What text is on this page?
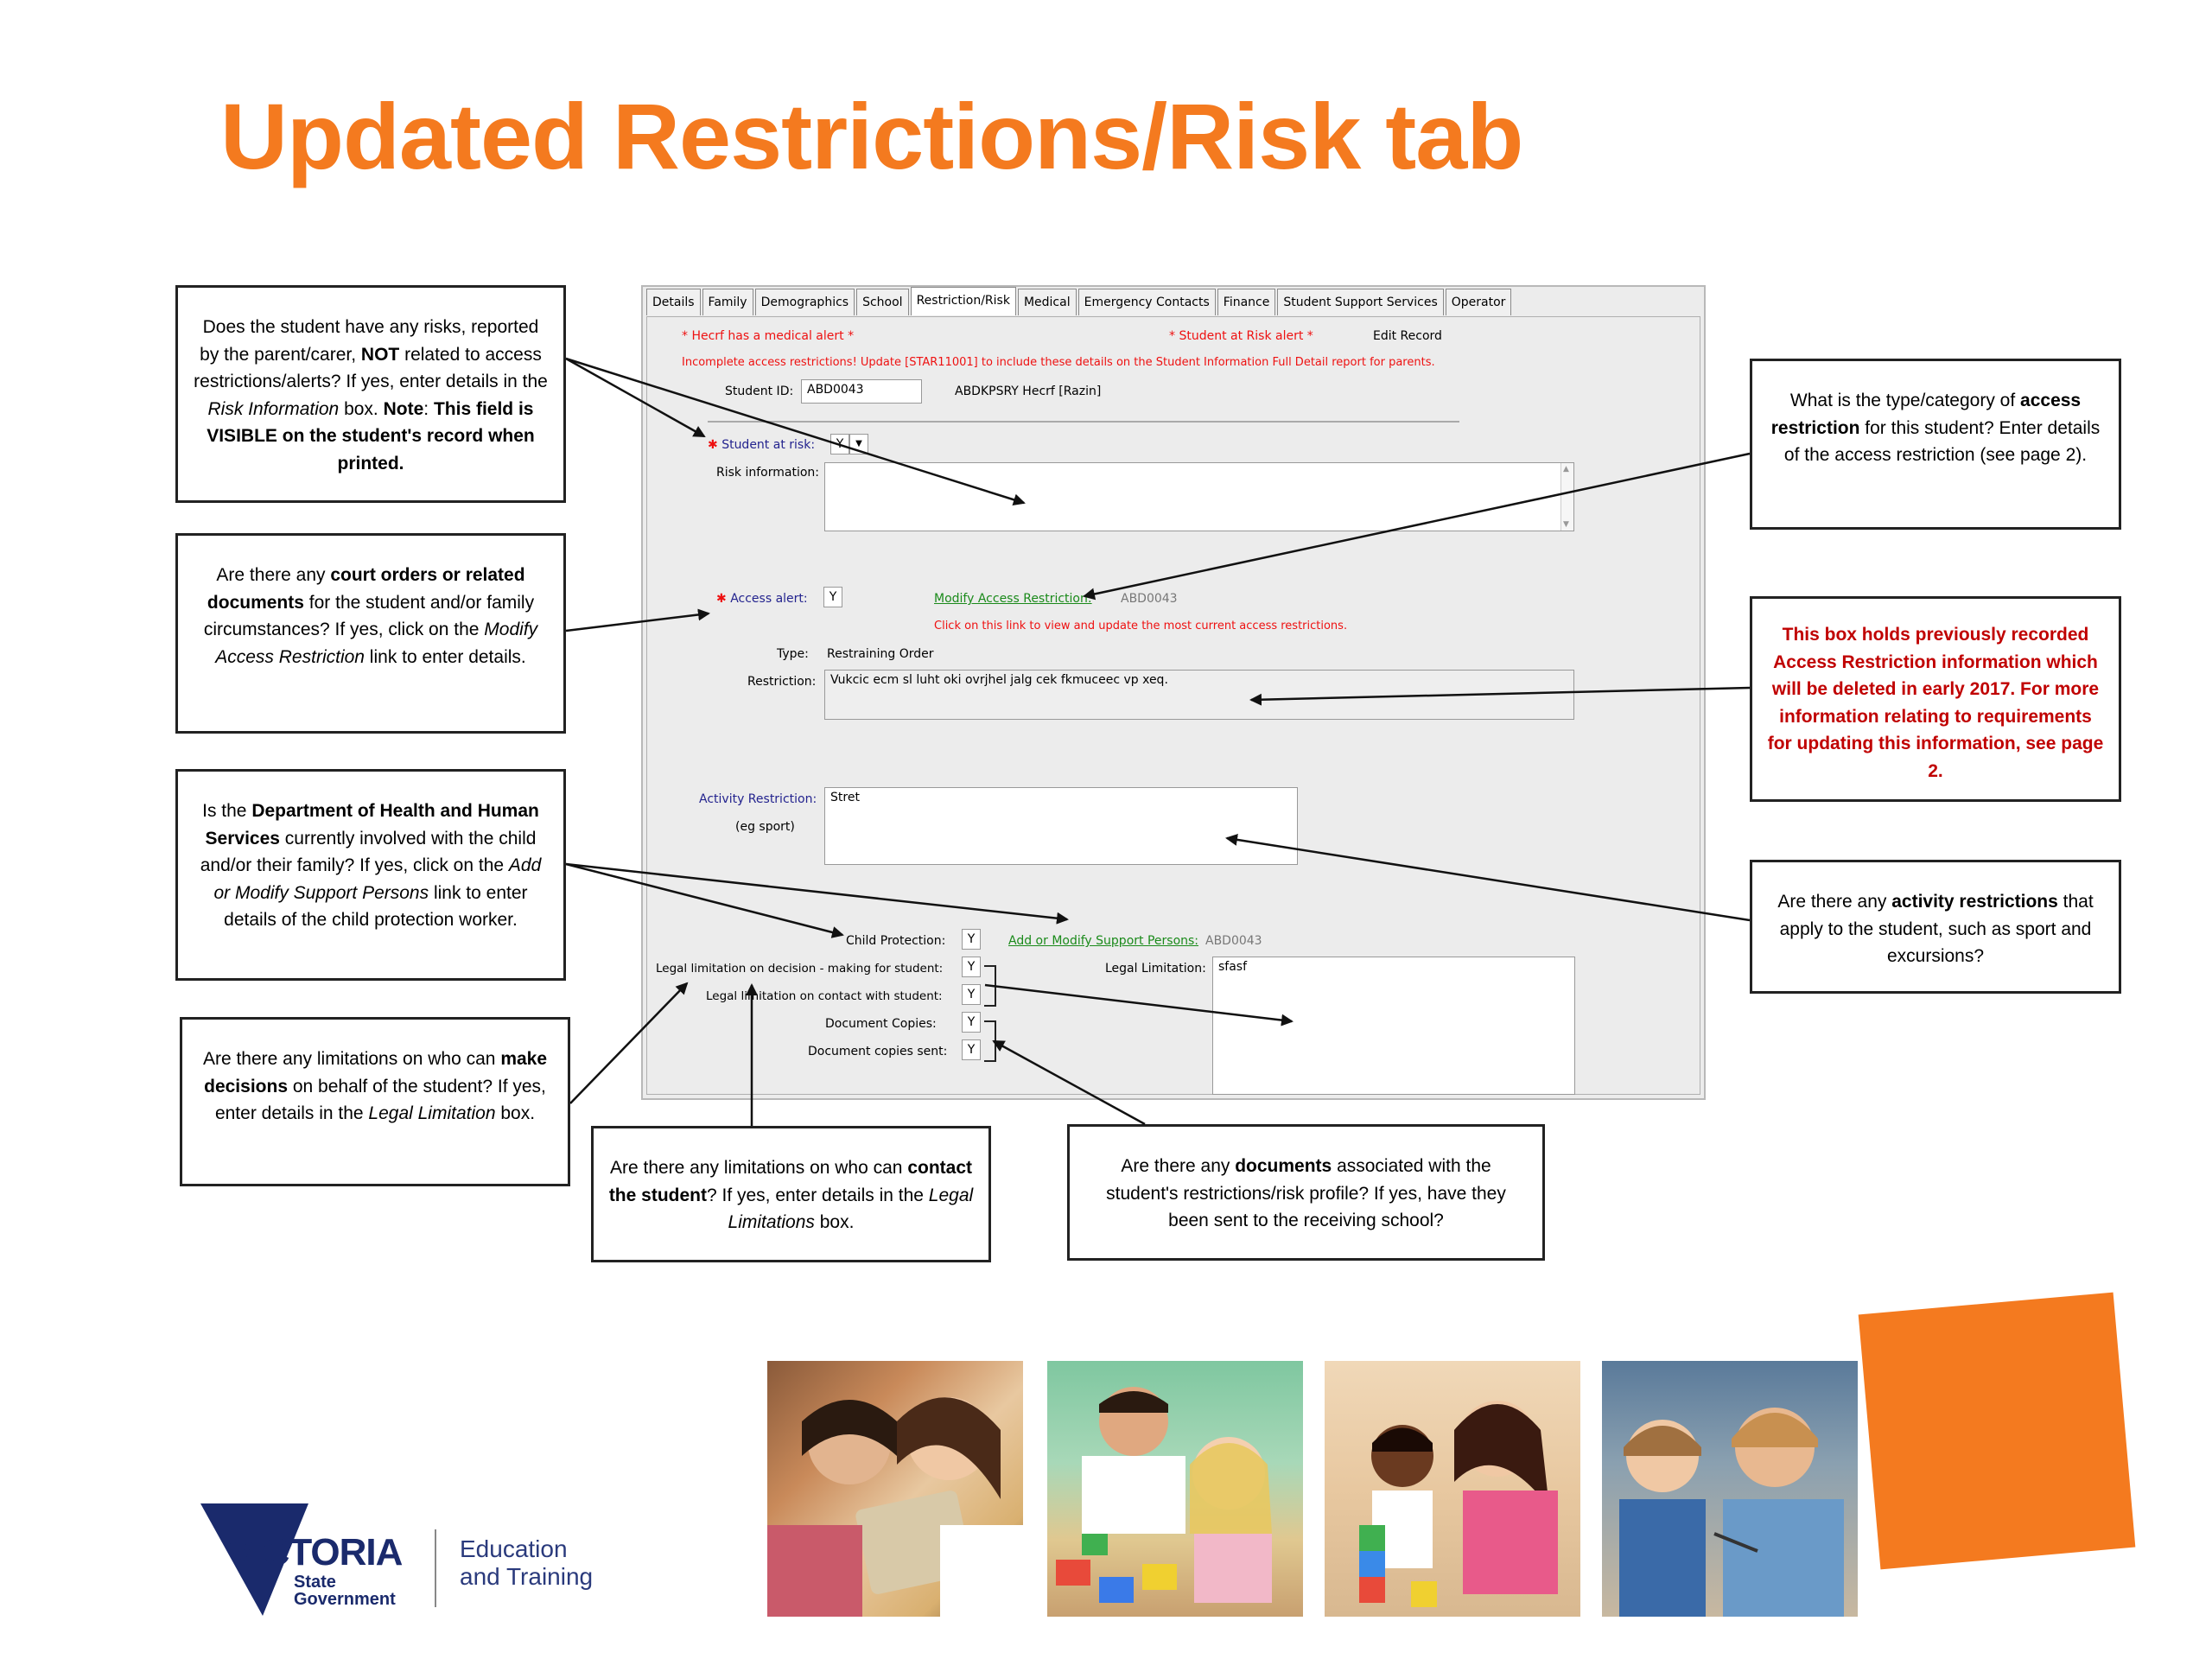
Updated Restrictions/Risk tab
Details	Family	Demographics	School	Restriction/Risk	Medical	Emergency Contacts	Finance	Student Support Services	Operator
* Hecrf has a medical alert *	* Student at Risk alert *	Edit Record
Incomplete access restrictions! Update [STAR11001] to include these details on the Student Information Full Detail report for parents.
Student ID:	ABD0043	ABDKPSRY Hecrf [Razin]
✱ Student at risk:	Y	▼
Risk information:
▲ ▼
✱ Access alert:	Y	Modify Access Restriction: ABD0043
Click on this link to view and update the most current access restrictions.
Type: Restraining Order
Restriction:	Vukcic ecm sl luht oki ovrjhel jalg cek fkmuceec vp xeq.
Activity Restriction:
(eg sport)
Stret
Child Protection:	Y	Add or Modify Support Persons: ABD0043
Legal limitation on decision - making for student:	Y
Legal limitation on contact with student:	Y
Document Copies:	Y
Document copies sent:	Y
Legal Limitation:	sfasf
Does the student have any risks, reported by the parent/carer, NOT related to access restrictions/alerts? If yes, enter details in the Risk Information box. Note: This field is VISIBLE on the student's record when printed.
Are there any court orders or related documents for the student and/or family circumstances? If yes, click on the Modify Access Restriction link to enter details.
Is the Department of Health and Human Services currently involved with the child and/or their family? If yes, click on the Add or Modify Support Persons link to enter details of the child protection worker.
Are there any limitations on who can make decisions on behalf of the student? If yes, enter details in the Legal Limitation box.
Are there any limitations on who can contact the student? If yes, enter details in the Legal Limitations box.
Are there any documents associated with the student's restrictions/risk profile? If yes, have they been sent to the receiving school?
What is the type/category of access restriction for this student? Enter details of the access restriction (see page 2).
This box holds previously recorded Access Restriction information which will be deleted in early 2017. For more information relating to requirements for updating this information, see page 2.
Are there any activity restrictions that apply to the student, such as sport and excursions?
VICTORIA
State
Government
Education
and Training
